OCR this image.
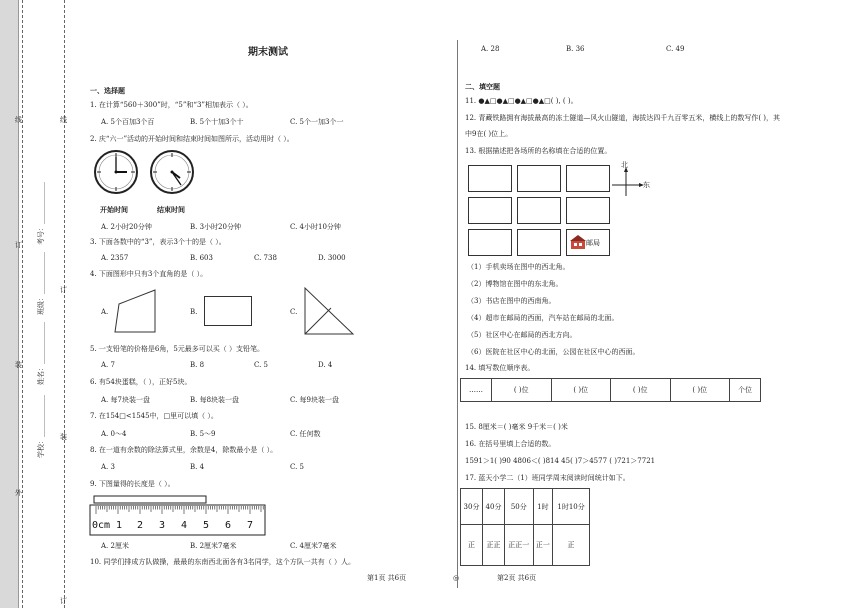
线
订
装
外
线
订
装
订
学校：____________
姓名：____________
班级：____________
考号：____________
期末测试
一、选择题
1. 在计算“560＋300”时，“5”和“3”相加表示（ ）。
A. 5个百加3个百	B. 5个十加3个十	C. 5个一加3个一
2. 庆“六一”活动的开始时间和结束时间如图所示，活动用时（ ）。
开始时间	结束时间
A. 2小时20分钟	B. 3小时20分钟	C. 4小时10分钟
3. 下面各数中的“3”，表示3个十的是（ ）。
A. 2357	B. 603	C. 738	D. 3000
4. 下面图形中只有3个直角的是（ ）。
A.	B.	C.
5. 一支铅笔的价格是6角，5元最多可以买（ ）支铅笔。
A. 7	B. 8	C. 5	D. 4
6. 有54块蛋糕，（ ），正好5块。
A. 每7块装一盘	B. 每8块装一盘	C. 每9块装一盘
7. 在154□<1545中，□里可以填（ ）。
A. 0～4	B. 5～9	C. 任何数
8. 在一道有余数的除法算式里，余数是4，除数最小是（ ）。
A. 3	B. 4	C. 5
9. 下图量得的长度是（ ）。
0cm 1 2 3 4 5 6 7
A. 2厘米	B. 2厘米7毫米	C. 4厘米7毫米
10. 同学们排成方队做操，最最的东南西北面各有3名同学，这个方队一共有（ ）人。
第1页 共6页	◎	第2页 共6页
A. 28	B. 36	C. 49
二、填空题
11. ●▲□●▲□●▲□●▲□( ), ( )。
12. 青藏铁路拥有海拔最高的冻土隧道—风火山隧道，海拔达四千九百零五米，横线上的数写作( )，其
中9在( )位上。
13. 根据描述把各场所的名称填在合适的位置。
邮局
北
东
（1）手机卖场在图中的西北角。
（2）博物馆在图中的东北角。
（3）书店在图中的西南角。
（4）超市在邮局的西面，汽车站在邮局的北面。
（5）社区中心在邮局的西北方向。
（6）医院在社区中心的北面，公园在社区中心的西面。
14. 填写数位顺序表。
……	( )位	( )位	( )位	( )位	个位
15. 8厘米＝( )毫米 9千米＝( )米
16. 在括号里填上合适的数。
1591＞1( )90 4806＜( )814 45( )7＞4577 ( )721＞7721
17. 蓝天小学二（1）班同学周末阅读时间统计如下。
30分	40分	50分	1时	1时10分
正	正正	正正一	正一	正
